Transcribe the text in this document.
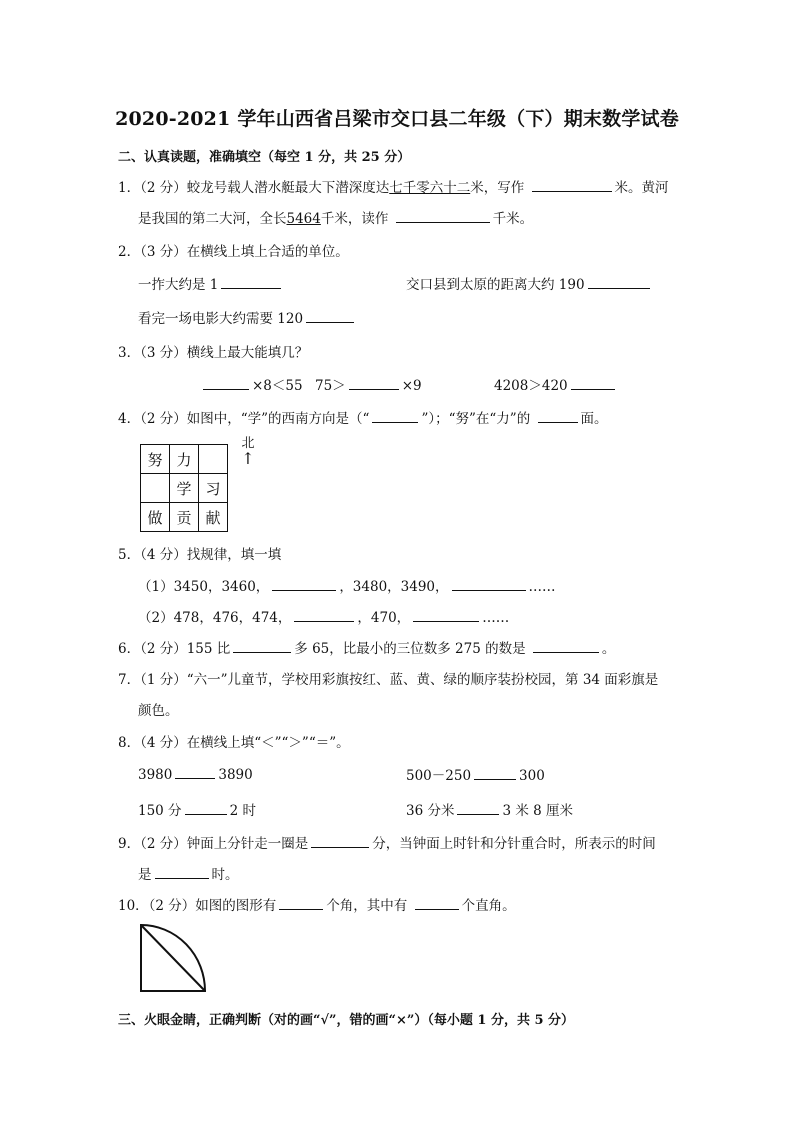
2020-2021 学年山西省吕梁市交口县二年级（下）期末数学试卷
二、认真读题，准确填空（每空 1 分，共 25 分）
1．（2 分）蛟龙号载人潜水艇最大下潜深度达七千零六十二米，写作	米。黄河
是我国的第二大河，全长5464千米，读作	千米。
2．（3 分）在横线上填上合适的单位。
一拃大约是 1	交口县到太原的距离大约 190
看完一场电影大约需要 120
3．（3 分）横线上最大能填几？
×8＜55 75＞	×9	4208＞420
4．（2 分）如图中，“学”的西南方向是（“	”）；“努”在“力”的	面。
努	力	
	学	习
做	贡	献
北
↑
5．（4 分）找规律，填一填
（1）3450，3460，	，3480，3490，	……
（2）478，476，474，	，470，	……
6．（2 分）155 比	多 65，比最小的三位数多 275 的数是	。
7．（1 分）“六一”儿童节，学校用彩旗按红、蓝、黄、绿的顺序装扮校园，第 34 面彩旗是
颜色。
8．（4 分）在横线上填“＜”“＞”“＝”。
3980	3890	500－250	300
150 分	2 时	36 分米	3 米 8 厘米
9．（2 分）钟面上分针走一圈是	分，当钟面上时针和分针重合时，所表示的时间
是	时。
10．（2 分）如图的图形有	个角，其中有	个直角。
三、火眼金睛，正确判断（对的画“√”，错的画“×”）（每小题 1 分，共 5 分）
